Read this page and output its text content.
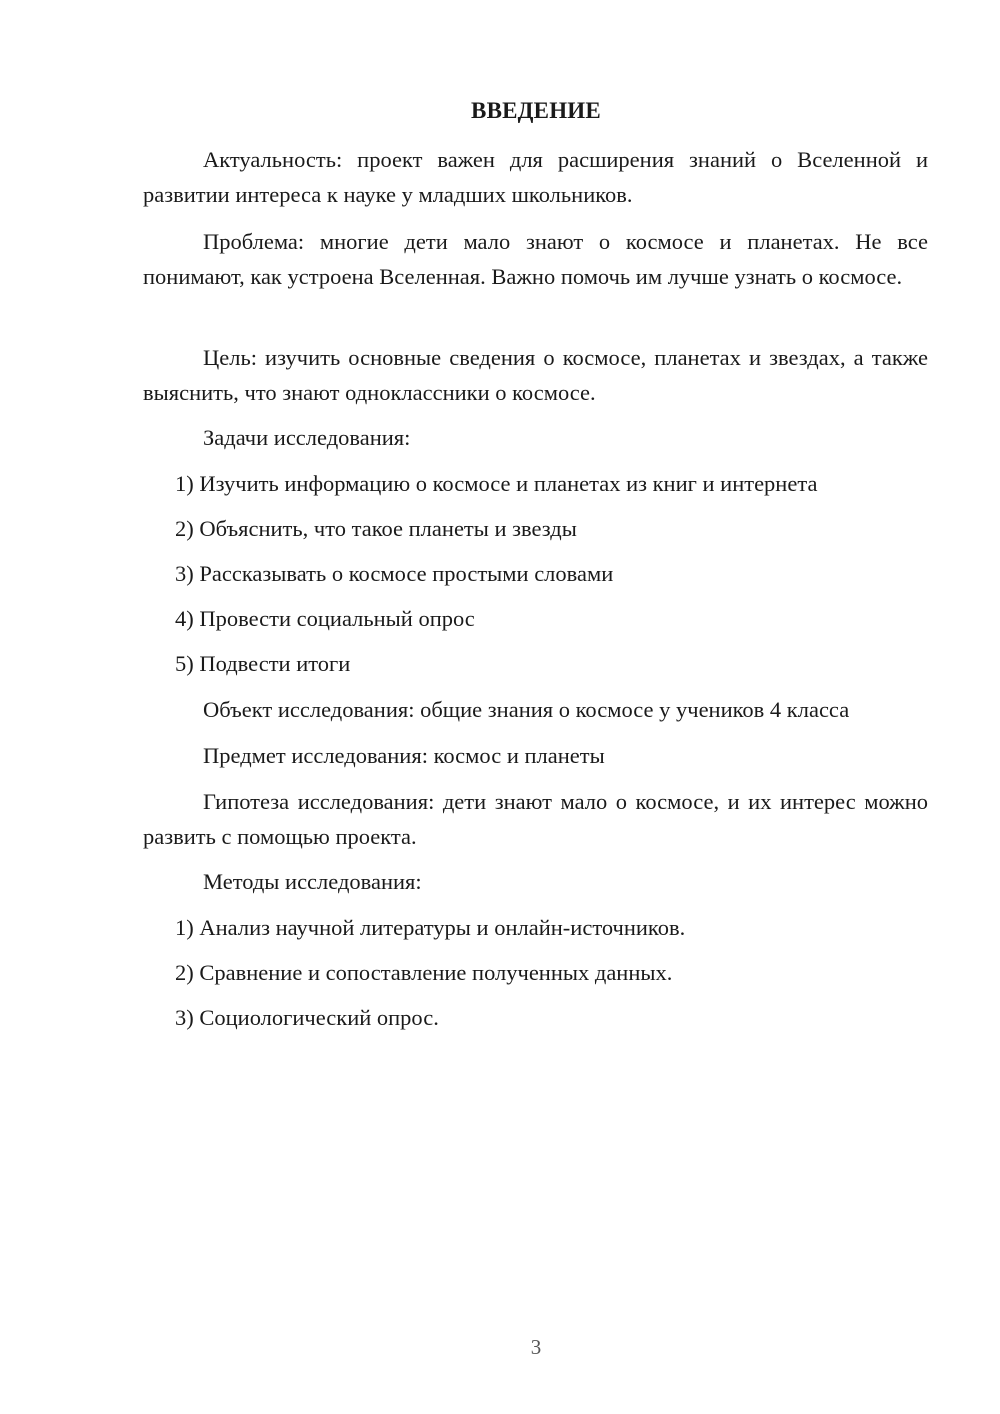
ВВЕДЕНИЕ
Актуальность: проект важен для расширения знаний о Вселенной и развитии интереса к науке у младших школьников.
Проблема: многие дети мало знают о космосе и планетах. Не все понимают, как устроена Вселенная. Важно помочь им лучше узнать о космосе.
Цель: изучить основные сведения о космосе, планетах и звездах, а также выяснить, что знают одноклассники о космосе.
Задачи исследования:
1) Изучить информацию о космосе и планетах из книг и интернета
2) Объяснить, что такое планеты и звезды
3) Рассказывать о космосе простыми словами
4) Провести социальный опрос
5) Подвести итоги
Объект исследования: общие знания о космосе у учеников 4 класса
Предмет исследования: космос и планеты
Гипотеза исследования: дети знают мало о космосе, и их интерес можно развить с помощью проекта.
Методы исследования:
1) Анализ научной литературы и онлайн-источников.
2) Сравнение и сопоставление полученных данных.
3) Социологический опрос.
3
